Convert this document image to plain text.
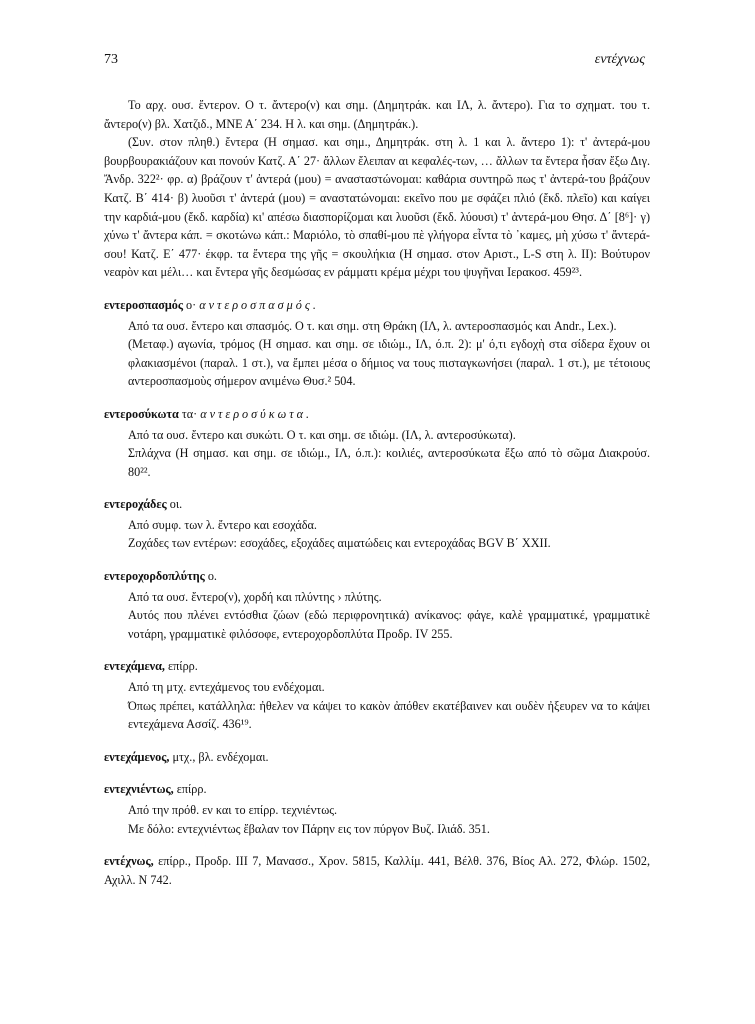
73	εντέχνως

Το αρχ. ουσ. ἔντερον. Ο τ. ἄντερο(ν) και σημ. (Δημητράκ. και ΙΛ, λ. ἄντερο). Για το σχηματ. του τ. ἄντερο(ν) βλ. Χατζιδ., ΜΝΕ Α΄ 234. Η λ. και σημ. (Δημητράκ.).

(Συν. στον πληθ.) ἔντερα (Η σημασ. και σημ., Δημητράκ. στη λ. 1 και λ. ἄντερο 1): τ' ἀντερά-μου βουρβουρακιάζουν και πονούν Κατζ. Α΄ 27· ἄλλων ἔλειπαν αι κεφαλές-των, … ἄλλων τα ἔντερα ἦσαν ἔξω Διγ. Ἄνδρ. 322²· φρ. α) βράζουν τ' ἀντερά (μου) = ανασταστώνομαι: καθάρια συντηρῶ πως τ' ἀντερά-του βράζουν Κατζ. Β΄ 414· β) λυοῦσι τ' ἀντερά (μου) = αναστατώνομαι: εκεῖνο που με σφάζει πλιό (ἔκδ. πλεῖο) και καίγει την καρδιά-μου (ἔκδ. καρδία) κι' απέσω διασπορίζομαι και λυοῦσι (ἔκδ. λύουσι) τ' ἀντερά-μου Θησ. Δ΄ [8⁶]· γ) χύνω τ' ἄντερα κάπ. = σκοτώνω κάπ.: Μαριόλο, τὸ σπαθί-μου πὲ γλήγορα εἶντα τὸ ᾿καμες, μὴ χύσω τ' ἄντερά-σου! Κατζ. Ε΄ 477· έκφρ. τα ἔντερα της γῆς = σκουλήκια (Η σημασ. στον Αριστ., L-S στη λ. ΙΙ): Βούτυρον νεαρὸν και μέλι… και ἔντερα γῆς δεσμώσας εν ράμματι κρέμα μέχρι του ψυγῆναι Ιερακοσ. 459²³.

εντεροσπασμός ο· αντεροσπασμός.

Από τα ουσ. ἔντερο και σπασμός. Ο τ. και σημ. στη Θράκη (ΙΛ, λ. αντεροσπασμός και Andr., Lex.).

(Μεταφ.) αγωνία, τρόμος (Η σημασ. και σημ. σε ιδιώμ., ΙΛ, ό.π. 2): μ' ό,τι εγδοχὴ στα σίδερα ἔχουν οι φλακιασμένοι (παραλ. 1 στ.), να ἔμπει μέσα ο δήμιος να τους πισταγκωνήσει (παραλ. 1 στ.), με τέτοιους αντεροσπασμοὺς σήμερον ανιμένω Θυσ.² 504.

εντεροσύκωτα τα· αντεροσύκωτα.

Από τα ουσ. ἔντερο και συκώτι. Ο τ. και σημ. σε ιδιώμ. (ΙΛ, λ. αντεροσύκωτα).

Σπλάχνα (Η σημασ. και σημ. σε ιδιώμ., ΙΛ, ό.π.): κοιλιές, αντεροσύκωτα ἔξω από τὸ σῶμα Διακρούσ. 80²².

εντεροχάδες οι.

Από συμφ. των λ. ἔντερο και εσοχάδα.

Ζοχάδες των εντέρων: εσοχάδες, εξοχάδες αιματώδεις και εντεροχάδας BGV Β΄ XXII.

εντεροχορδοπλύτης ο.

Από τα ουσ. ἔντερο(ν), χορδή και πλύντης › πλύτης.

Αυτός που πλένει εντόσθια ζώων (εδώ περιφρονητικά) ανίκανος: φάγε, καλὲ γραμματικέ, γραμματικὲ νοτάρη, γραμματικὲ φιλόσοφε, εντεροχορδοπλύτα Προδρ. IV 255.

εντεχάμενα, επίρρ.

Από τη μτχ. εντεχάμενος του ενδέχομαι.

Όπως πρέπει, κατάλληλα: ἠθελεν να κάψει το κακὸν ἀπόθεν εκατέβαινεν και ουδὲν ἠξευρεν να το κάψει εντεχάμενα Ασσίζ. 436¹⁹.

εντεχάμενος, μτχ., βλ. ενδέχομαι.

εντεχνιέντως, επίρρ.

Από την πρόθ. εν και το επίρρ. τεχνιέντως.

Με δόλο: εντεχνιέντως ἔβαλαν τον Πάρην εις τον πύργον Βυζ. Ιλιάδ. 351.

εντέχνως, επίρρ., Προδρ. III 7, Μανασσ., Χρον. 5815, Καλλίμ. 441, Βέλθ. 376, Βίος Αλ. 272, Φλώρ. 1502, Αχιλλ. Ν 742.
